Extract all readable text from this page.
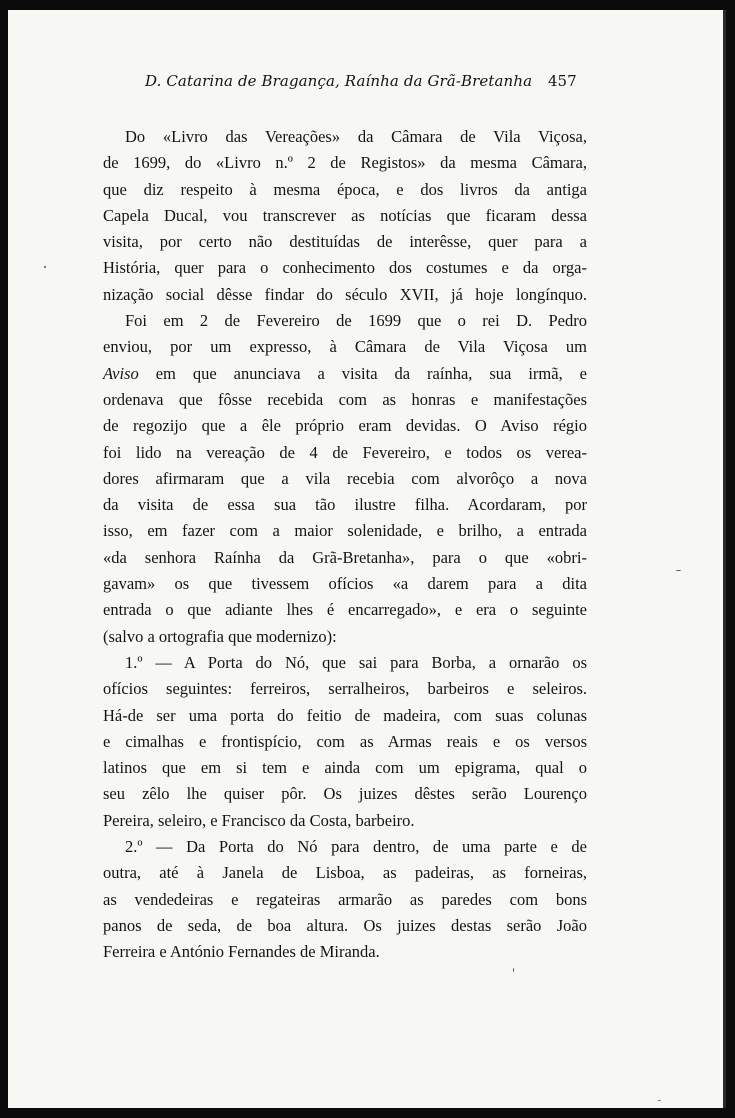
D. Catarina de Bragança, Raínha da Grã-Bretanha 457
Do «Livro das Vereações» da Câmara de Vila Viçosa,
de 1699, do «Livro n.º 2 de Registos» da mesma Câmara,
que diz respeito à mesma época, e dos livros da antiga
Capela Ducal, vou transcrever as notícias que ficaram dessa
visita, por certo não destituídas de interêsse, quer para a
História, quer para o conhecimento dos costumes e da orga-
nização social dêsse findar do século XVII, já hoje longínquo.
Foi em 2 de Fevereiro de 1699 que o rei D. Pedro
enviou, por um expresso, à Câmara de Vila Viçosa um
Aviso em que anunciava a visita da raínha, sua irmã, e
ordenava que fôsse recebida com as honras e manifestações
de regozijo que a êle próprio eram devidas. O Aviso régio
foi lido na vereação de 4 de Fevereiro, e todos os verea-
dores afirmaram que a vila recebia com alvorôço a nova
da visita de essa sua tão ilustre filha. Acordaram, por
isso, em fazer com a maior solenidade, e brilho, a entrada
«da senhora Raínha da Grã-Bretanha», para o que «obri-
gavam» os que tivessem ofícios «a darem para a dita
entrada o que adiante lhes é encarregado», e era o seguinte
(salvo a ortografia que modernizo):
1.º — A Porta do Nó, que sai para Borba, a ornarão os
ofícios seguintes: ferreiros, serralheiros, barbeiros e seleiros.
Há-de ser uma porta do feitio de madeira, com suas colunas
e cimalhas e frontispício, com as Armas reais e os versos
latinos que em si tem e ainda com um epigrama, qual o
seu zêlo lhe quiser pôr. Os juizes dêstes serão Lourenço
Pereira, seleiro, e Francisco da Costa, barbeiro.
2.º — Da Porta do Nó para dentro, de uma parte e de
outra, até à Janela de Lisboa, as padeiras, as forneiras,
as vendedeiras e regateiras armarão as paredes com bons
panos de seda, de boa altura. Os juizes destas serão João
Ferreira e António Fernandes de Miranda.
